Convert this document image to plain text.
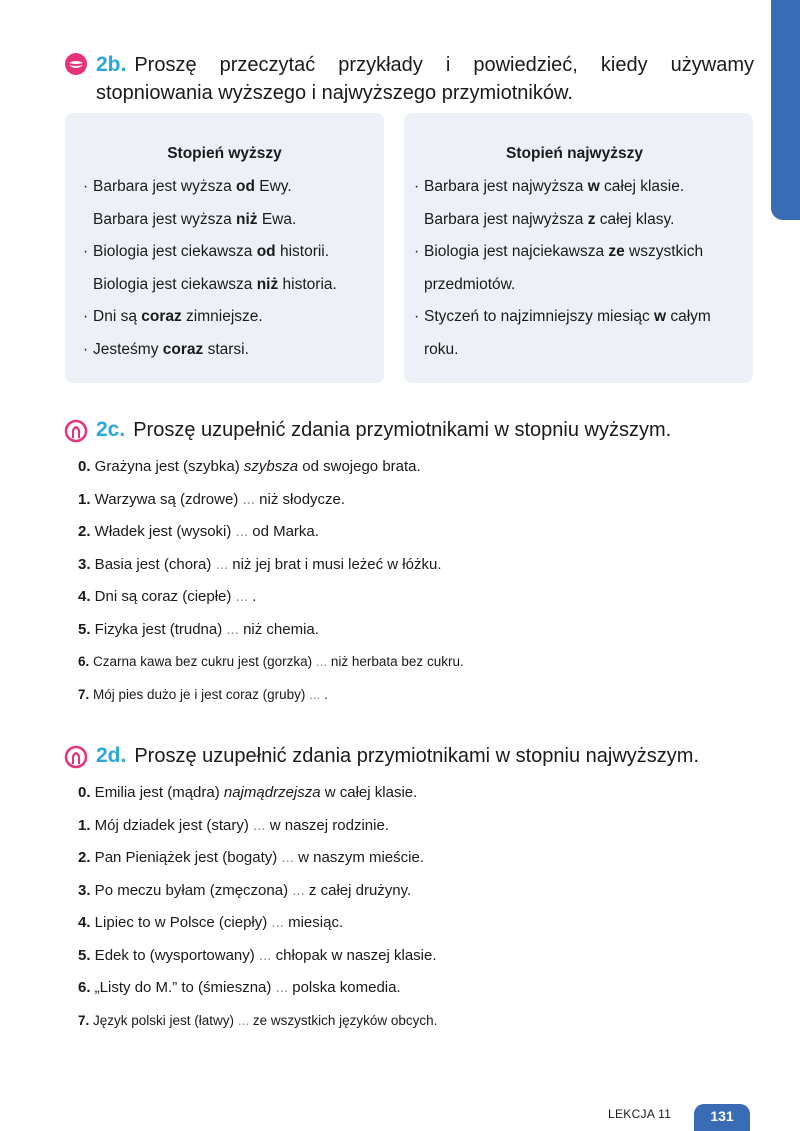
2b. Proszę przeczytać przykłady i powiedzieć, kiedy używamy stopniowania wyższego i najwyższego przymiotników.
Stopień wyższy
· Barbara jest wyższa od Ewy.
Barbara jest wyższa niż Ewa.
· Biologia jest ciekawsza od historii.
Biologia jest ciekawsza niż historia.
· Dni są coraz zimniejsze.
· Jesteśmy coraz starsi.
Stopień najwyższy
· Barbara jest najwyższa w całej klasie.
Barbara jest najwyższa z całej klasy.
· Biologia jest najciekawsza ze wszystkich
przedmiotów.
· Styczeń to najzimniejszy miesiąc w całym
roku.
2c. Proszę uzupełnić zdania przymiotnikami w stopniu wyższym.
0. Grażyna jest (szybka) szybsza od swojego brata.
1. Warzywa są (zdrowe) ... niż słodycze.
2. Władek jest (wysoki) ... od Marka.
3. Basia jest (chora) ... niż jej brat i musi leżeć w łóżku.
4. Dni są coraz (ciepłe) ... .
5. Fizyka jest (trudna) ... niż chemia.
6. Czarna kawa bez cukru jest (gorzka) ... niż herbata bez cukru.
7. Mój pies dużo je i jest coraz (gruby) ... .
2d. Proszę uzupełnić zdania przymiotnikami w stopniu najwyższym.
0. Emilia jest (mądra) najmądrzejsza w całej klasie.
1. Mój dziadek jest (stary) ... w naszej rodzinie.
2. Pan Pieniążek jest (bogaty) ... w naszym mieście.
3. Po meczu byłam (zmęczona) ... z całej drużyny.
4. Lipiec to w Polsce (ciepły) ... miesiąc.
5. Edek to (wysportowany) ... chłopak w naszej klasie.
6. „Listy do M.” to (śmieszna) ... polska komedia.
7. Język polski jest (łatwy) ... ze wszystkich języków obcych.
LEKCJA 11	131
